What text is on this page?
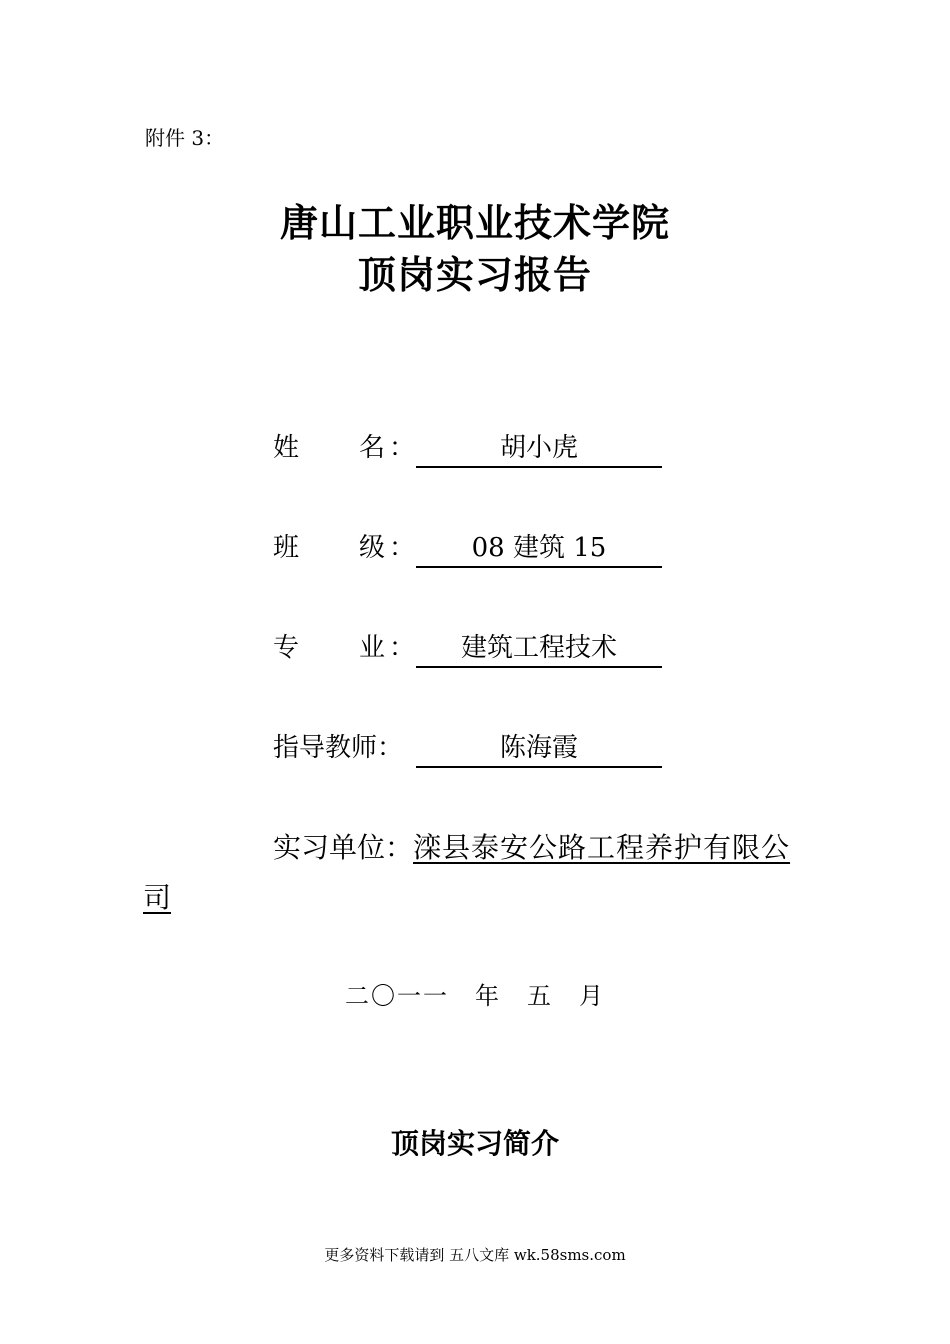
附件 3：
唐山工业职业技术学院
顶岗实习报告
姓 名 ：	胡小虎
班 级 ：	08 建筑 15
专 业 ：	建筑工程技术
指导教师：	陈海霞
实习单位：滦县泰安公路工程养护有限公
司
二〇一一　年　五　月
顶岗实习简介
更多资料下载请到 五八文库 wk.58sms.com
